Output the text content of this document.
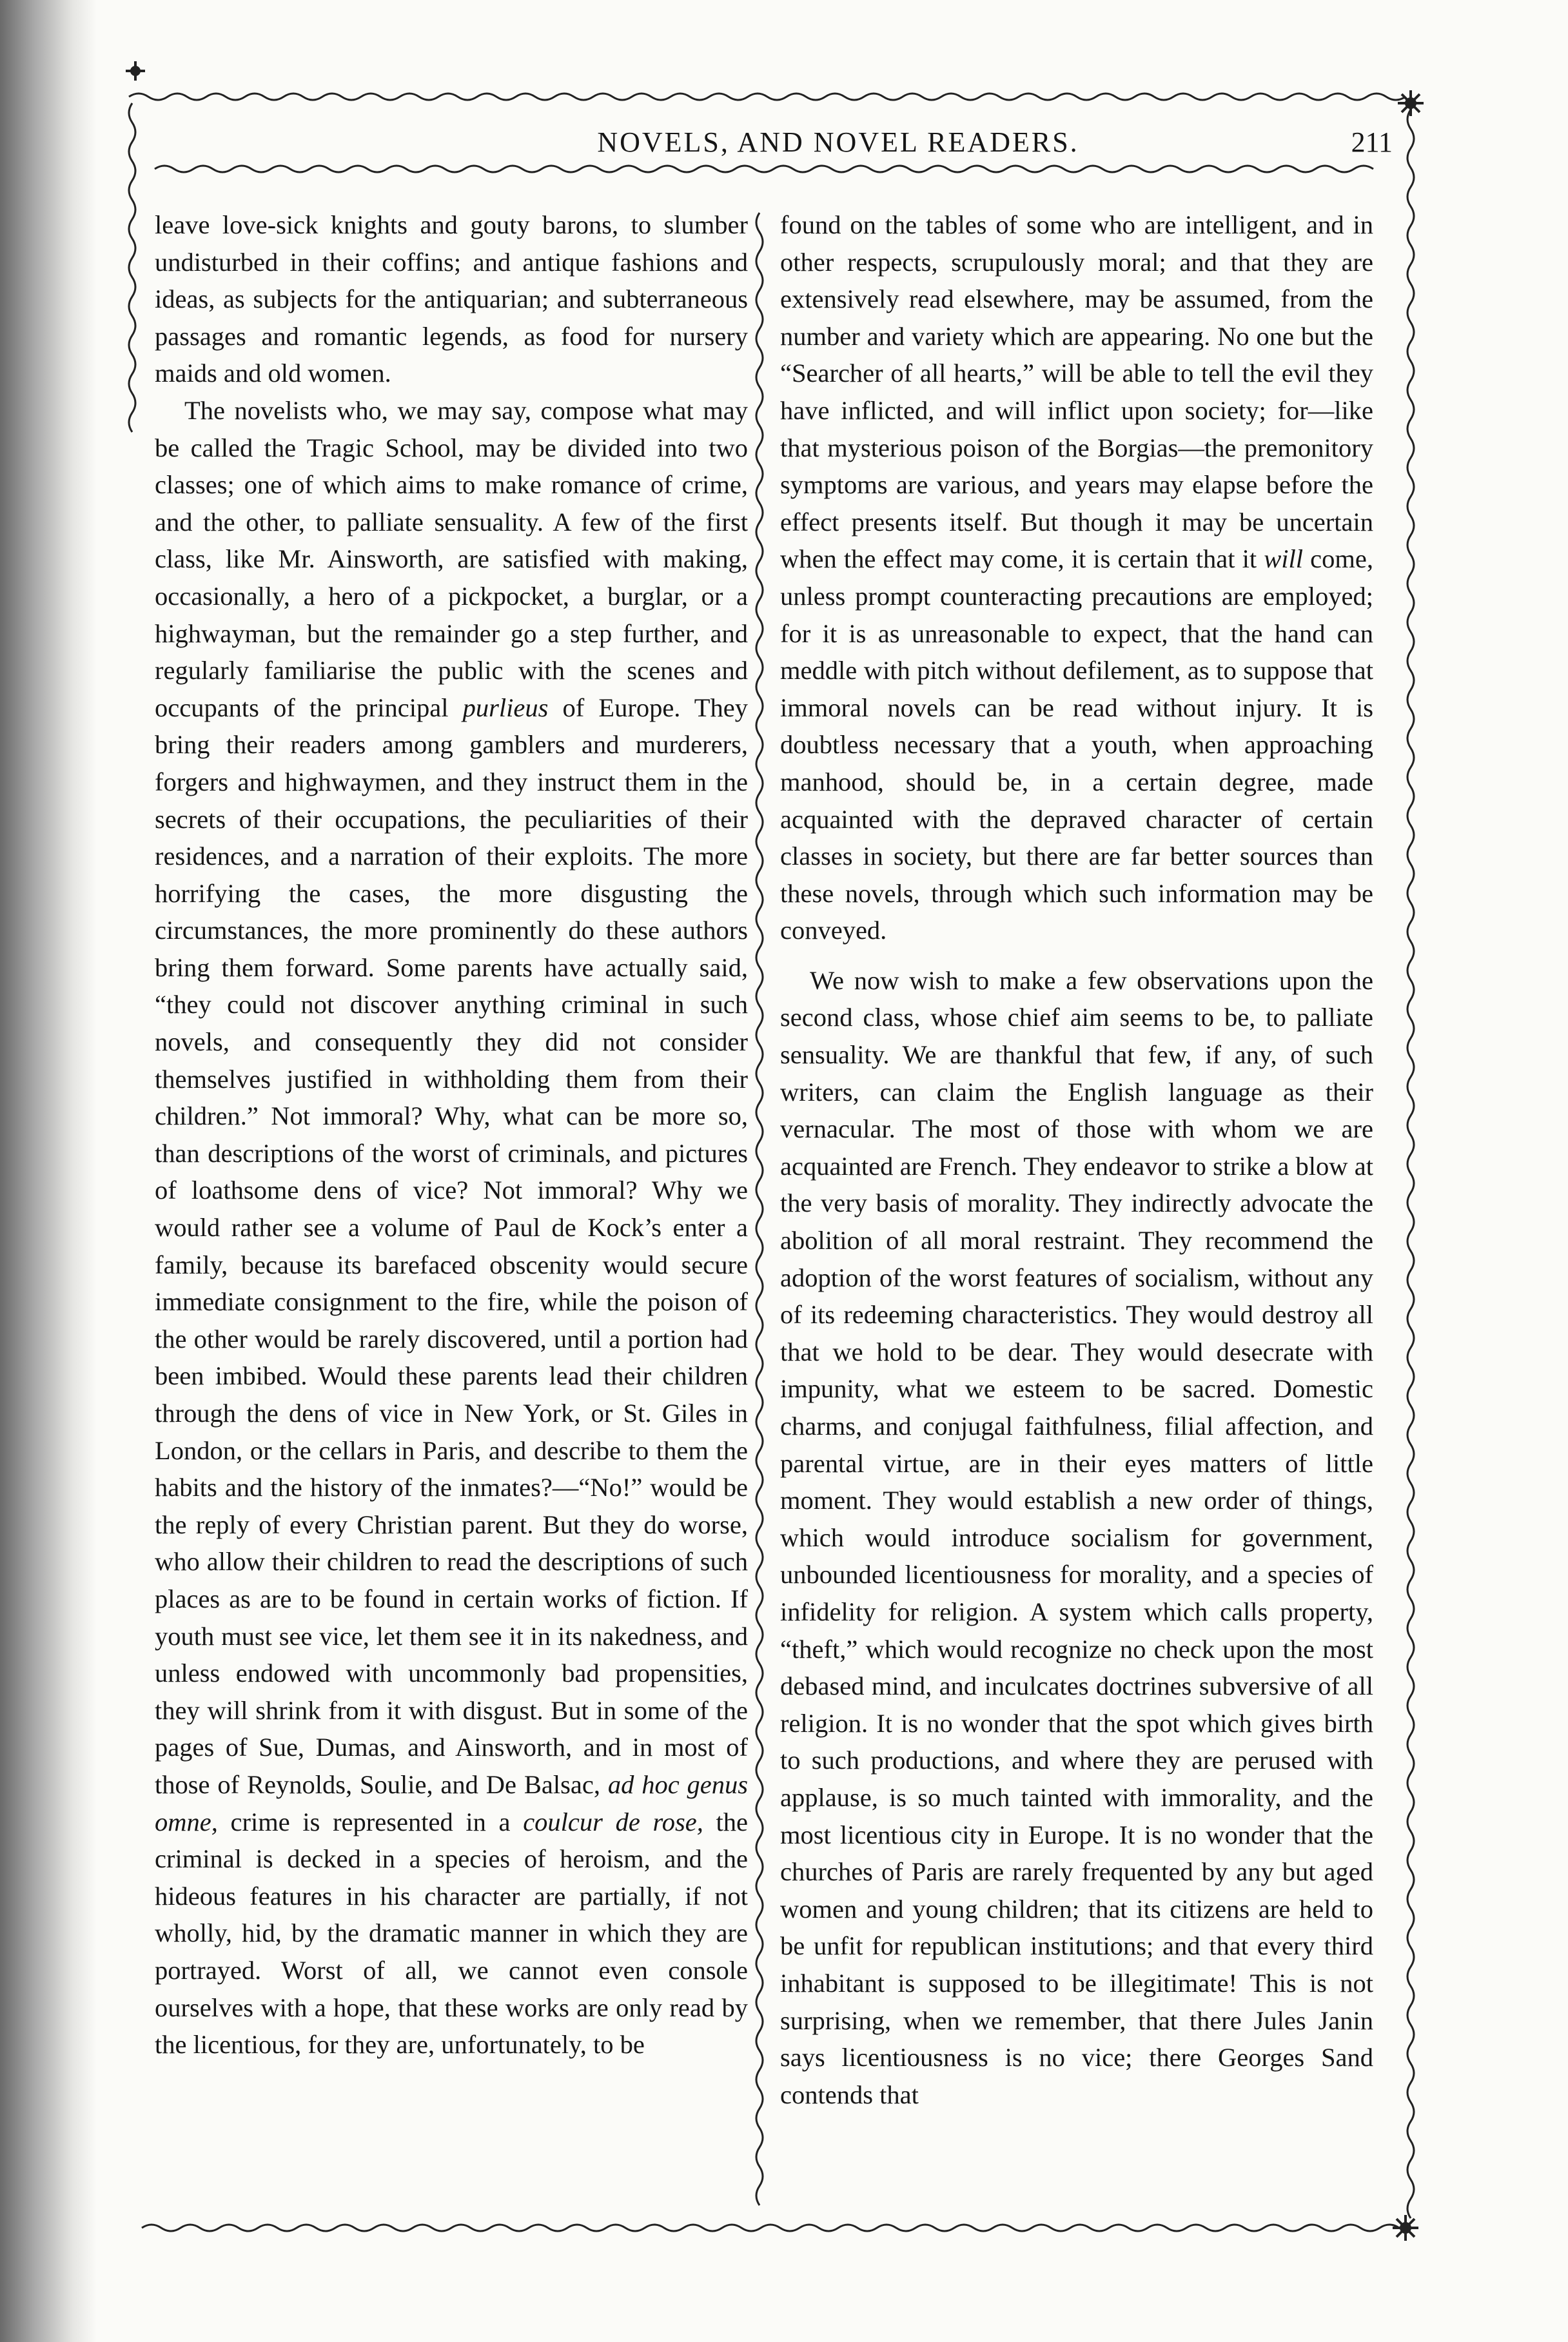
NOVELS, AND NOVEL READERS.	211

leave love-sick knights and gouty barons, to slumber undisturbed in their coffins; and antique fashions and ideas, as subjects for the antiquarian; and subterraneous passages and romantic legends, as food for nursery maids and old women.

The novelists who, we may say, compose what may be called the Tragic School, may be divided into two classes; one of which aims to make romance of crime, and the other, to palliate sensuality. A few of the first class, like Mr. Ainsworth, are satisfied with making, occasionally, a hero of a pickpocket, a burglar, or a highwayman, but the remainder go a step further, and regularly familiarise the public with the scenes and occupants of the principal purlieus of Europe. They bring their readers among gamblers and murderers, forgers and highwaymen, and they instruct them in the secrets of their occupations, the peculiarities of their residences, and a narration of their exploits. The more horrifying the cases, the more disgusting the circumstances, the more prominently do these authors bring them forward. Some parents have actually said, “they could not discover anything criminal in such novels, and consequently they did not consider themselves justified in withholding them from their children.” Not immoral? Why, what can be more so, than descriptions of the worst of criminals, and pictures of loathsome dens of vice? Not immoral? Why we would rather see a volume of Paul de Kock’s enter a family, because its barefaced obscenity would secure immediate consignment to the fire, while the poison of the other would be rarely discovered, until a portion had been imbibed. Would these parents lead their children through the dens of vice in New York, or St. Giles in London, or the cellars in Paris, and describe to them the habits and the history of the inmates?—“No!” would be the reply of every Christian parent. But they do worse, who allow their children to read the descriptions of such places as are to be found in certain works of fiction. If youth must see vice, let them see it in its nakedness, and unless endowed with uncommonly bad propensities, they will shrink from it with disgust. But in some of the pages of Sue, Dumas, and Ainsworth, and in most of those of Reynolds, Soulie, and De Balsac, ad hoc genus omne, crime is represented in a coulcur de rose, the criminal is decked in a species of heroism, and the hideous features in his character are partially, if not wholly, hid, by the dramatic manner in which they are portrayed. Worst of all, we cannot even console ourselves with a hope, that these works are only read by the licentious, for they are, unfortunately, to be

found on the tables of some who are intelligent, and in other respects, scrupulously moral; and that they are extensively read elsewhere, may be assumed, from the number and variety which are appearing. No one but the “Searcher of all hearts,” will be able to tell the evil they have inflicted, and will inflict upon society; for—like that mysterious poison of the Borgias—the premonitory symptoms are various, and years may elapse before the effect presents itself. But though it may be uncertain when the effect may come, it is certain that it will come, unless prompt counteracting precautions are employed; for it is as unreasonable to expect, that the hand can meddle with pitch without defilement, as to suppose that immoral novels can be read without injury. It is doubtless necessary that a youth, when approaching manhood, should be, in a certain degree, made acquainted with the depraved character of certain classes in society, but there are far better sources than these novels, through which such information may be conveyed.

We now wish to make a few observations upon the second class, whose chief aim seems to be, to palliate sensuality. We are thankful that few, if any, of such writers, can claim the English language as their vernacular. The most of those with whom we are acquainted are French. They endeavor to strike a blow at the very basis of morality. They indirectly advocate the abolition of all moral restraint. They recommend the adoption of the worst features of socialism, without any of its redeeming characteristics. They would destroy all that we hold to be dear. They would desecrate with impunity, what we esteem to be sacred. Domestic charms, and conjugal faithfulness, filial affection, and parental virtue, are in their eyes matters of little moment. They would establish a new order of things, which would introduce socialism for government, unbounded licentiousness for morality, and a species of infidelity for religion. A system which calls property, “theft,” which would recognize no check upon the most debased mind, and inculcates doctrines subversive of all religion. It is no wonder that the spot which gives birth to such productions, and where they are perused with applause, is so much tainted with immorality, and the most licentious city in Europe. It is no wonder that the churches of Paris are rarely frequented by any but aged women and young children; that its citizens are held to be unfit for republican institutions; and that every third inhabitant is supposed to be illegitimate! This is not surprising, when we remember, that there Jules Janin says licentiousness is no vice; there Georges Sand contends that
